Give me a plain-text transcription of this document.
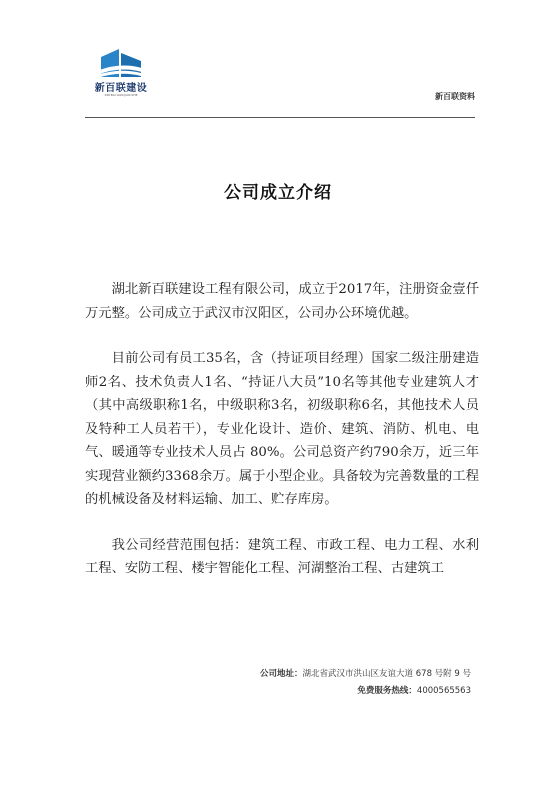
新百联建设
XIN BAI LIAN JIAN SHE	新百联资料
公司成立介绍

湖北新百联建设工程有限公司，成立于2017年，注册资金壹仟万元整。公司成立于武汉市汉阳区，公司办公环境优越。

目前公司有员工35名，含（持证项目经理）国家二级注册建造师2名、技术负责人1名、“持证八大员”10名等其他专业建筑人才（其中高级职称1名，中级职称3名，初级职称6名，其他技术人员及特种工人员若干），专业化设计、造价、建筑、消防、机电、电气、暖通等专业技术人员占 80%。公司总资产约790余万，近三年实现营业额约3368余万。属于小型企业。具备较为完善数量的工程的机械设备及材料运输、加工、贮存库房。

我公司经营范围包括：建筑工程、市政工程、电力工程、水利工程、安防工程、楼宇智能化工程、河湖整治工程、古建筑工

公司地址：湖北省武汉市洪山区友谊大道 678 号附 9 号
免费服务热线：4000565563
